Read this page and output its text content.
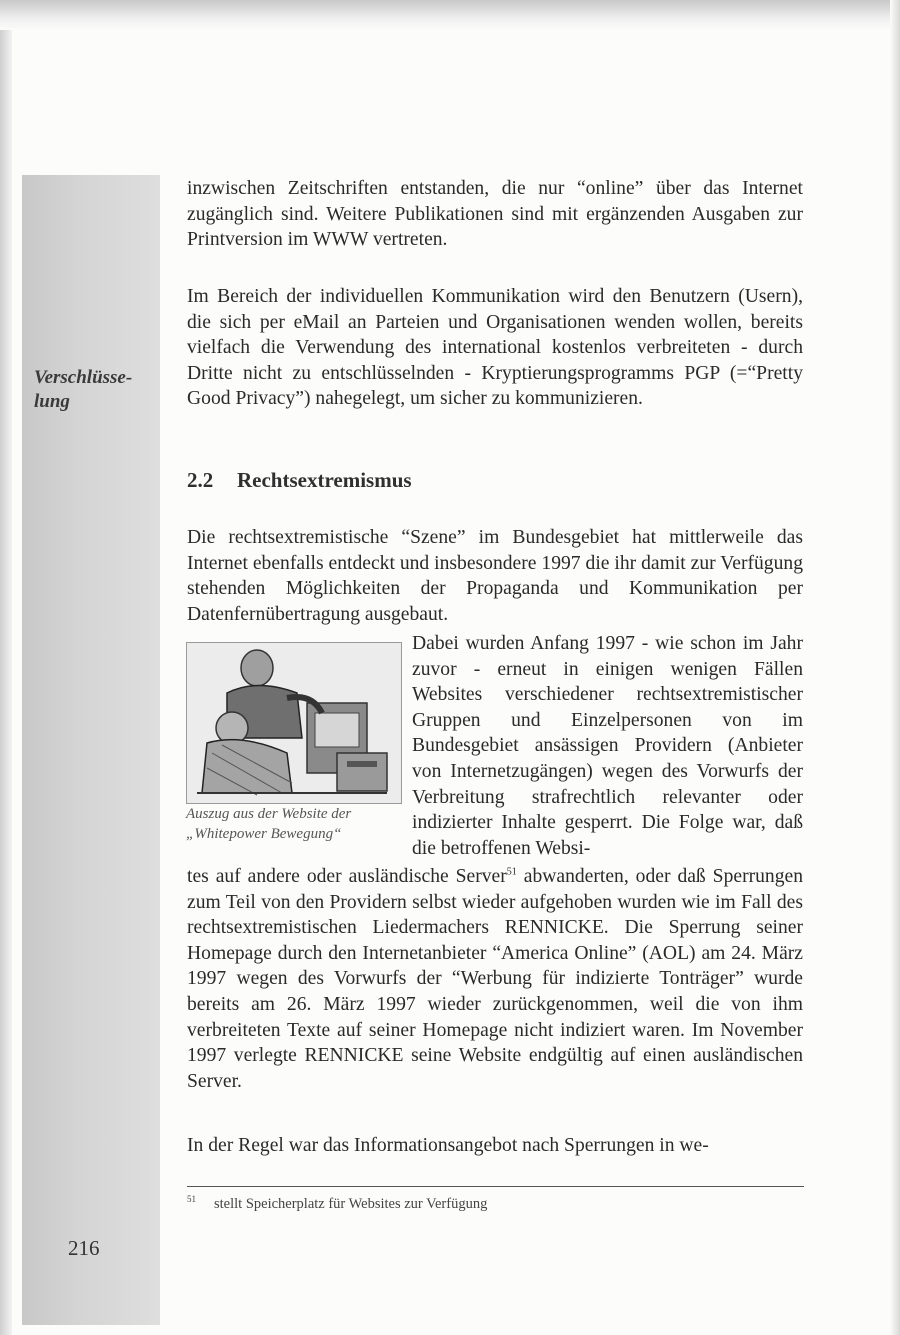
Verschlüsse-
lung

inzwischen Zeitschriften entstanden, die nur “online” über das Internet zugänglich sind. Weitere Publikationen sind mit ergänzenden Ausgaben zur Printversion im WWW vertreten.

Im Bereich der individuellen Kommunikation wird den Benutzern (Usern), die sich per eMail an Parteien und Organisationen wenden wollen, bereits vielfach die Verwendung des international kostenlos verbreiteten - durch Dritte nicht zu entschlüsselnden - Kryptierungsprogramms PGP (=“Pretty Good Privacy”) nahegelegt, um sicher zu kommunizieren.

2.2 Rechtsextremismus

Die rechtsextremistische “Szene” im Bundesgebiet hat mittlerweile das Internet ebenfalls entdeckt und insbesondere 1997 die ihr damit zur Verfügung stehenden Möglichkeiten der Propaganda und Kommunikation per Datenfernübertragung ausgebaut.

Auszug aus der Website der
„Whitepower Bewegung“

Dabei wurden Anfang 1997 - wie schon im Jahr zuvor - erneut in einigen wenigen Fällen Websites verschiedener rechtsextremistischer Gruppen und Einzelpersonen von im Bundesgebiet ansässigen Providern (Anbieter von Internetzugängen) wegen des Vorwurfs der Verbreitung strafrechtlich relevanter oder indizierter Inhalte gesperrt. Die Folge war, daß die betroffenen Websi-

tes auf andere oder ausländische Server$^{51}$ abwanderten, oder daß Sperrungen zum Teil von den Providern selbst wieder aufgehoben wurden wie im Fall des rechtsextremistischen Liedermachers RENNICKE. Die Sperrung seiner Homepage durch den Internetanbieter “America Online” (AOL) am 24. März 1997 wegen des Vorwurfs der “Werbung für indizierte Tonträger” wurde bereits am 26. März 1997 wieder zurückgenommen, weil die von ihm verbreiteten Texte auf seiner Homepage nicht indiziert waren. Im November 1997 verlegte RENNICKE seine Website endgültig auf einen ausländischen Server.

In der Regel war das Informationsangebot nach Sperrungen in we-

$^{51}$ stellt Speicherplatz für Websites zur Verfügung
216
